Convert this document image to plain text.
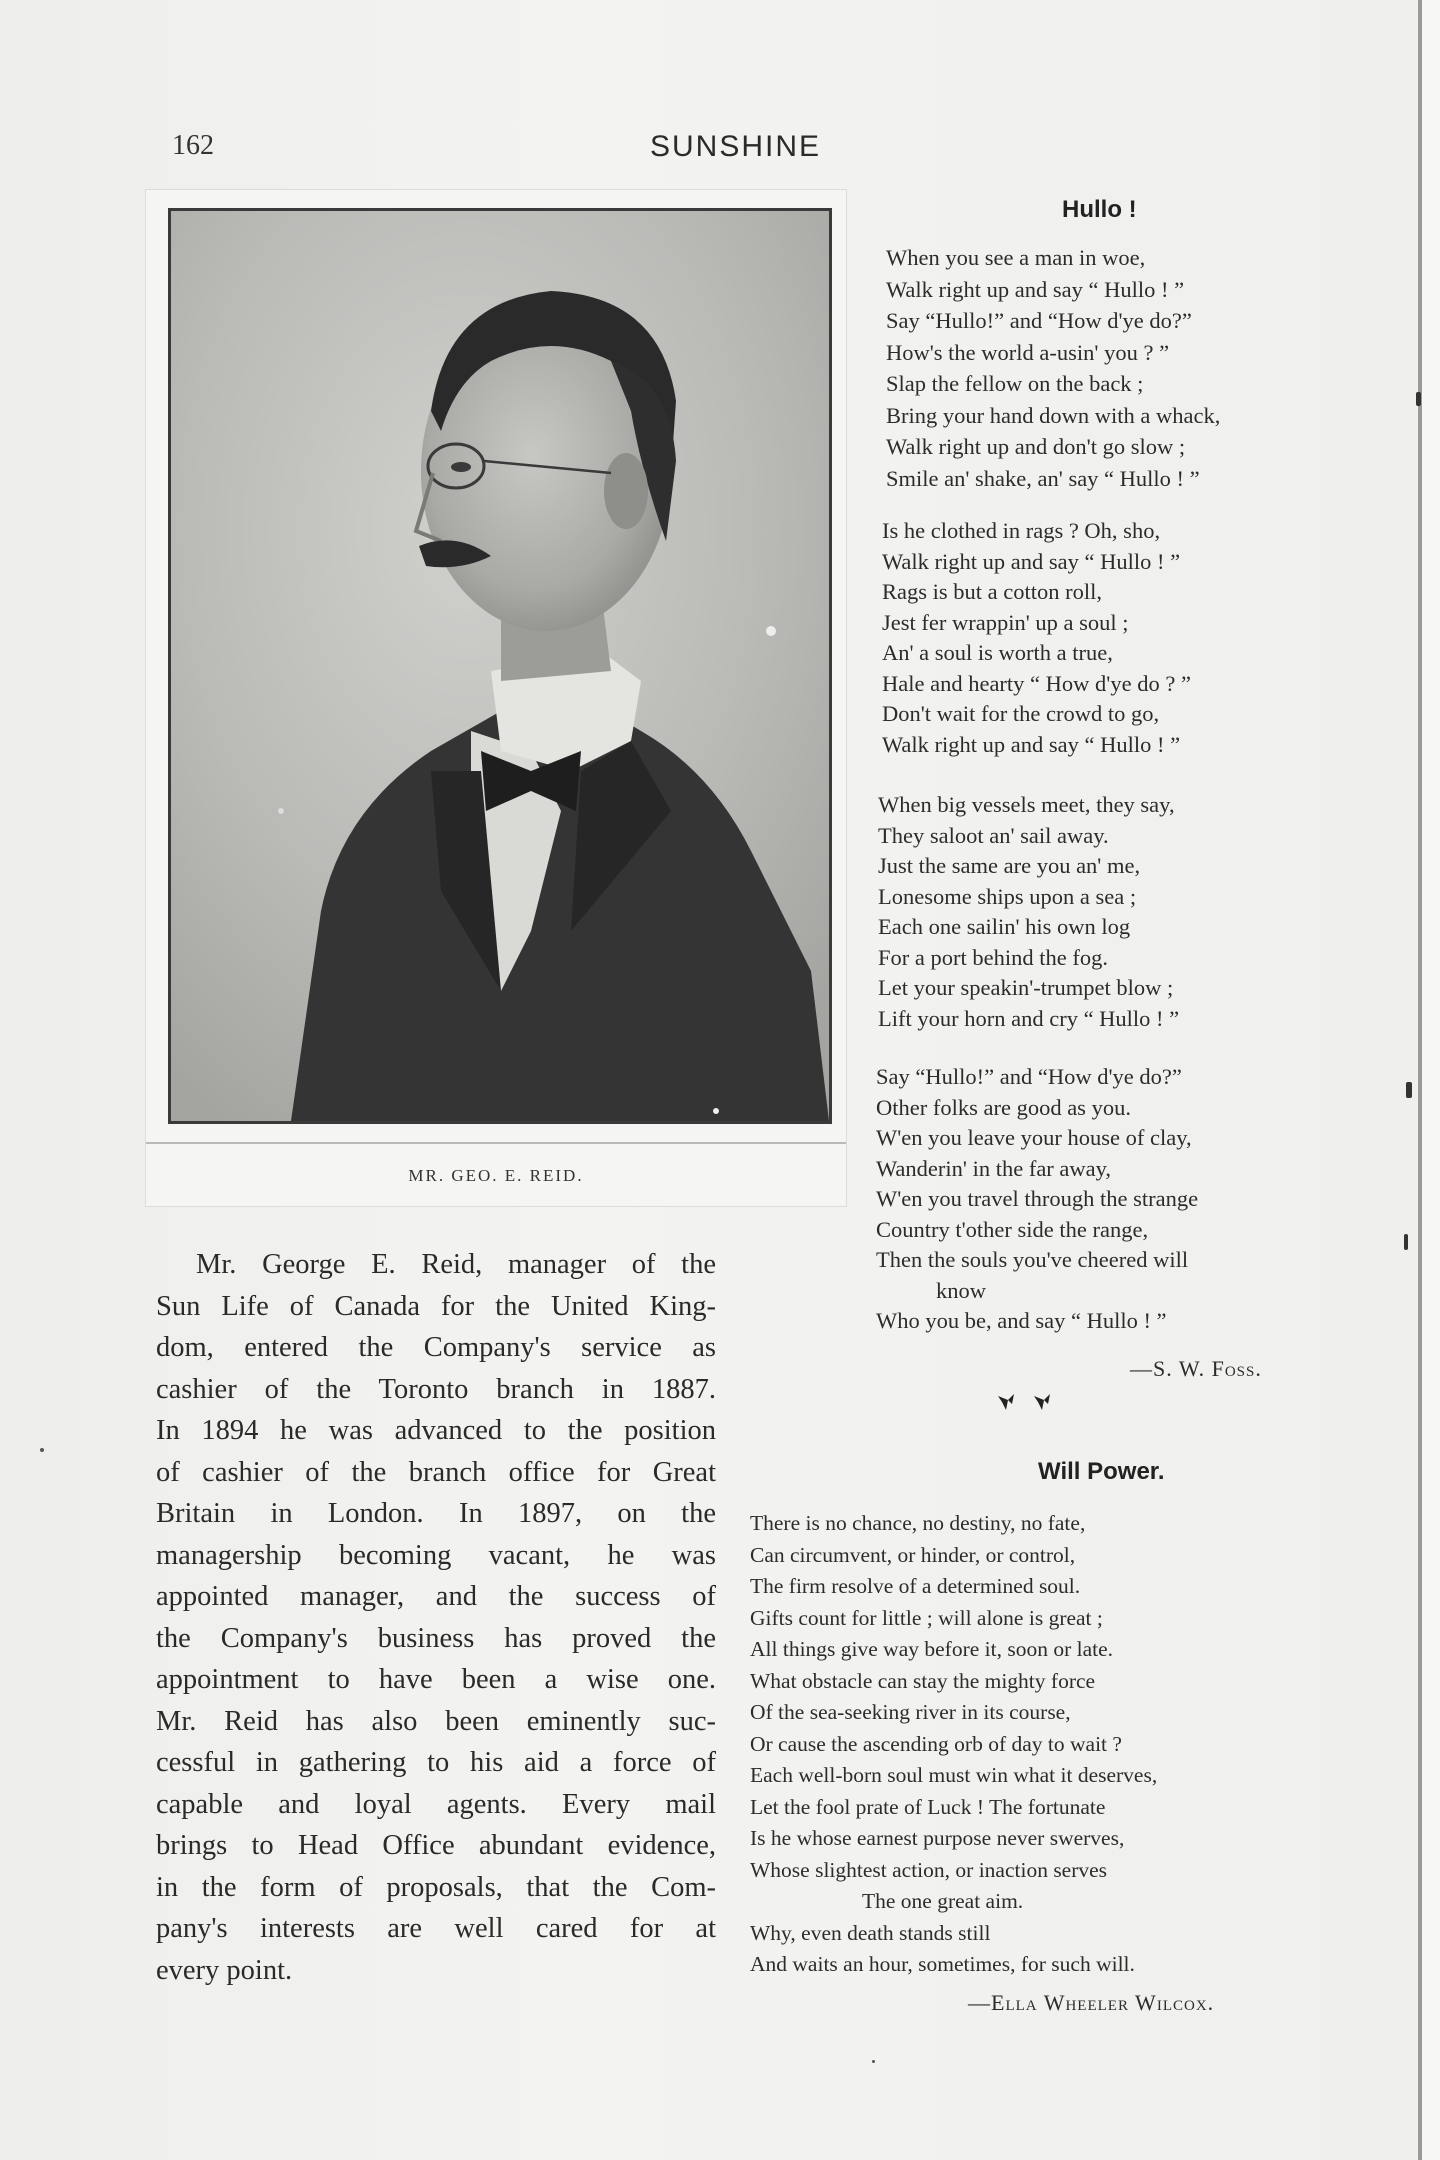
162	SUNSHINE
MR. GEO. E. REID.
Mr. George E. Reid, manager of the
Sun Life of Canada for the United King-
dom, entered the Company's service as
cashier of the Toronto branch in 1887.
In 1894 he was advanced to the position
of cashier of the branch office for Great
Britain in London. In 1897, on the
managership becoming vacant, he was
appointed manager, and the success of
the Company's business has proved the
appointment to have been a wise one.
Mr. Reid has also been eminently suc-
cessful in gathering to his aid a force of
capable and loyal agents. Every mail
brings to Head Office abundant evidence,
in the form of proposals, that the Com-
pany's interests are well cared for at
every point.
Hullo !
When you see a man in woe,
Walk right up and say “ Hullo ! ”
Say “Hullo!” and “How d'ye do?”
How's the world a-usin' you ? ”
Slap the fellow on the back ;
Bring your hand down with a whack,
Walk right up and don't go slow ;
Smile an' shake, an' say “ Hullo ! ”
Is he clothed in rags ? Oh, sho,
Walk right up and say “ Hullo ! ”
Rags is but a cotton roll,
Jest fer wrappin' up a soul ;
An' a soul is worth a true,
Hale and hearty “ How d'ye do ? ”
Don't wait for the crowd to go,
Walk right up and say “ Hullo ! ”
When big vessels meet, they say,
They saloot an' sail away.
Just the same are you an' me,
Lonesome ships upon a sea ;
Each one sailin' his own log
For a port behind the fog.
Let your speakin'-trumpet blow ;
Lift your horn and cry “ Hullo ! ”
Say “Hullo!” and “How d'ye do?”
Other folks are good as you.
W'en you leave your house of clay,
Wanderin' in the far away,
W'en you travel through the strange
Country t'other side the range,
Then the souls you've cheered will
know
Who you be, and say “ Hullo ! ”
—S. W. Foss.
Will Power.
There is no chance, no destiny, no fate,
Can circumvent, or hinder, or control,
The firm resolve of a determined soul.
Gifts count for little ; will alone is great ;
All things give way before it, soon or late.
What obstacle can stay the mighty force
Of the sea-seeking river in its course,
Or cause the ascending orb of day to wait ?
Each well-born soul must win what it deserves,
Let the fool prate of Luck ! The fortunate
Is he whose earnest purpose never swerves,
Whose slightest action, or inaction serves
The one great aim.
Why, even death stands still
And waits an hour, sometimes, for such will.
—Ella Wheeler Wilcox.
